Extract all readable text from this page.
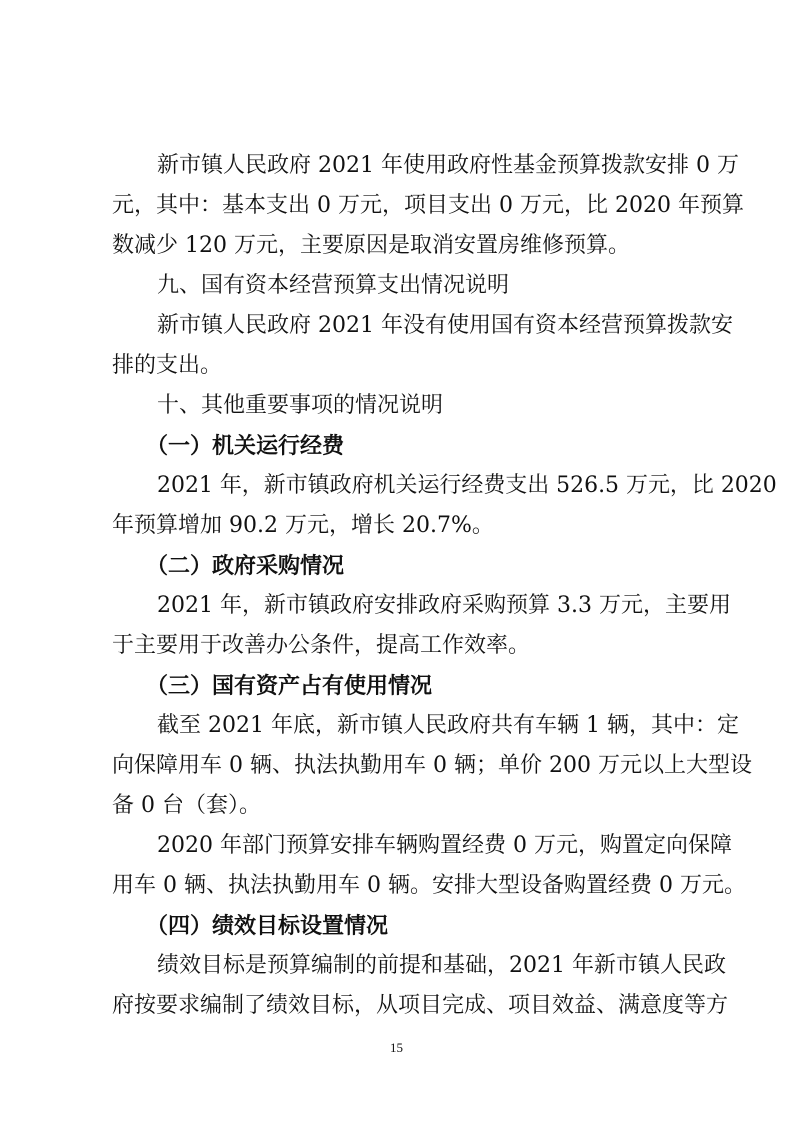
新市镇人民政府 2021 年使用政府性基金预算拨款安排 0 万
元，其中：基本支出 0 万元，项目支出 0 万元，比 2020 年预算
数减少 120 万元，主要原因是取消安置房维修预算。
九、国有资本经营预算支出情况说明
新市镇人民政府 2021 年没有使用国有资本经营预算拨款安
排的支出。
十、其他重要事项的情况说明
（一）机关运行经费
2021 年，新市镇政府机关运行经费支出 526.5 万元，比 2020
年预算增加 90.2 万元，增长 20.7%。
（二）政府采购情况
2021 年，新市镇政府安排政府采购预算 3.3 万元，主要用
于主要用于改善办公条件，提高工作效率。
（三）国有资产占有使用情况
截至 2021 年底，新市镇人民政府共有车辆 1 辆，其中：定
向保障用车 0 辆、执法执勤用车 0 辆；单价 200 万元以上大型设
备 0 台（套）。
2020 年部门预算安排车辆购置经费 0 万元，购置定向保障
用车 0 辆、执法执勤用车 0 辆。安排大型设备购置经费 0 万元。
（四）绩效目标设置情况
绩效目标是预算编制的前提和基础，2021 年新市镇人民政
府按要求编制了绩效目标，从项目完成、项目效益、满意度等方
15
